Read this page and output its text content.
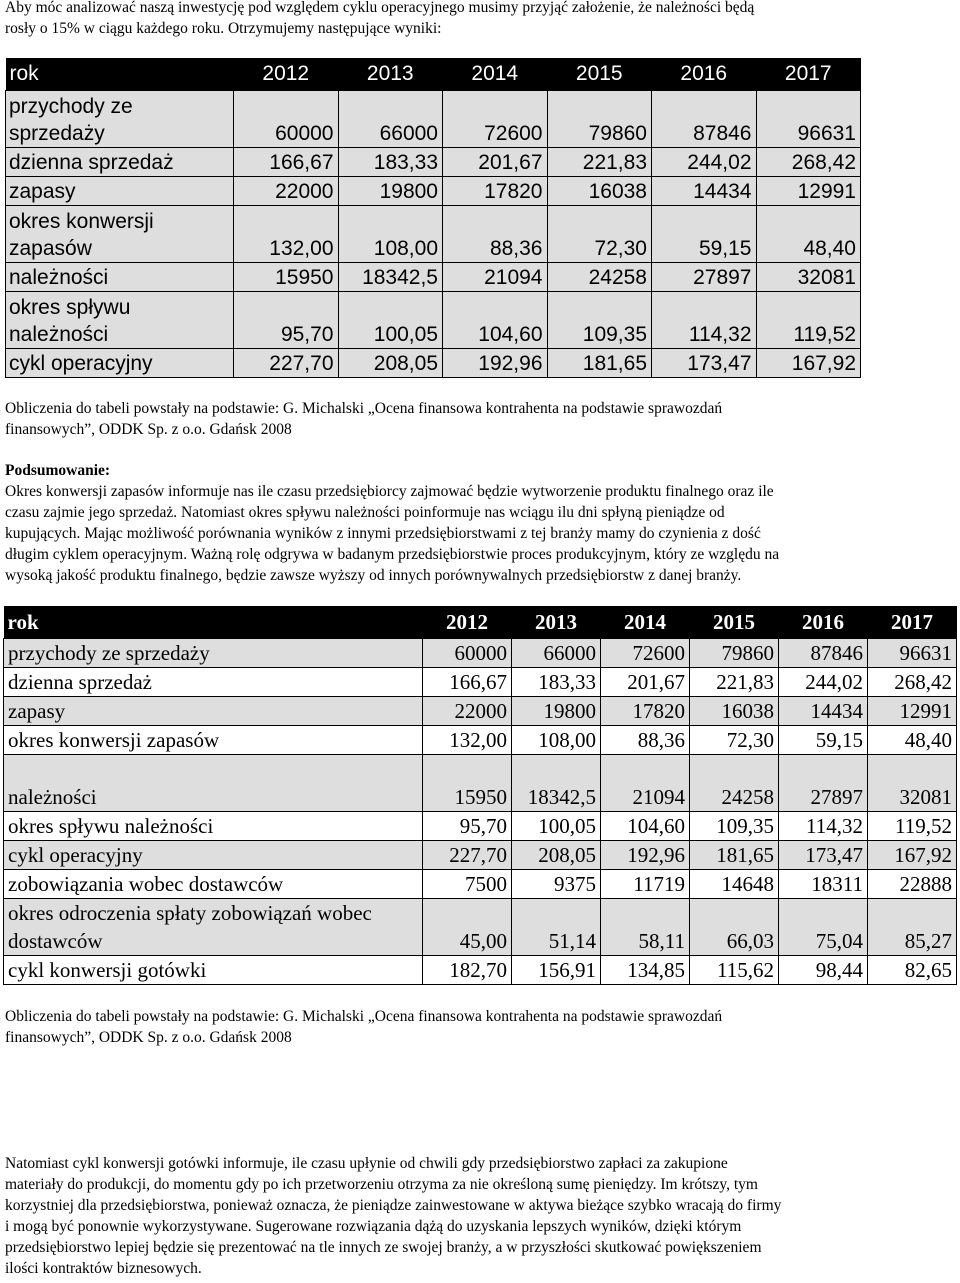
Aby móc analizować naszą inwestycję pod względem cyklu operacyjnego musimy przyjąć założenie, że należności będą
rosły o 15% w ciągu każdego roku. Otrzymujemy następujące wyniki:

rok	2012	2013	2014	2015	2016	2017

przychody ze sprzedaży	60000	66000	72600	79860	87846	96631
dzienna sprzedaż	166,67	183,33	201,67	221,83	244,02	268,42
zapasy	22000	19800	17820	16038	14434	12991

okres konwersji zapasów	132,00	108,00	88,36	72,30	59,15	48,40
należności	15950	18342,5	21094	24258	27897	32081

okres spływu należności	95,70	100,05	104,60	109,35	114,32	119,52
cykl operacyjny	227,70	208,05	192,96	181,65	173,47	167,92

Obliczenia do tabeli powstały na podstawie: G. Michalski „Ocena finansowa kontrahenta na podstawie sprawozdań
finansowych”, ODDK Sp. z o.o. Gdańsk 2008

Podsumowanie:
Okres konwersji zapasów informuje nas ile czasu przedsiębiorcy zajmować będzie wytworzenie produktu finalnego oraz ile
czasu zajmie jego sprzedaż. Natomiast okres spływu należności poinformuje nas wciągu ilu dni spłyną pieniądze od
kupujących. Mając możliwość porównania wyników z innymi przedsiębiorstwami z tej branży mamy do czynienia z dość
długim cyklem operacyjnym. Ważną rolę odgrywa w badanym przedsiębiorstwie proces produkcyjnym, który ze względu na
wysoką jakość produktu finalnego, będzie zawsze wyższy od innych porównywalnych przedsiębiorstw z danej branży.

rok	2012	2013	2014	2015	2016	2017
przychody ze sprzedaży	60000	66000	72600	79860	87846	96631
dzienna sprzedaż	166,67	183,33	201,67	221,83	244,02	268,42
zapasy	22000	19800	17820	16038	14434	12991
okres konwersji zapasów	132,00	108,00	88,36	72,30	59,15	48,40
należności	15950	18342,5	21094	24258	27897	32081
okres spływu należności	95,70	100,05	104,60	109,35	114,32	119,52
cykl operacyjny	227,70	208,05	192,96	181,65	173,47	167,92
zobowiązania wobec dostawców	7500	9375	11719	14648	18311	22888

okres odroczenia spłaty zobowiązań wobec dostawców	45,00	51,14	58,11	66,03	75,04	85,27
cykl konwersji gotówki	182,70	156,91	134,85	115,62	98,44	82,65

Obliczenia do tabeli powstały na podstawie: G. Michalski „Ocena finansowa kontrahenta na podstawie sprawozdań
finansowych”, ODDK Sp. z o.o. Gdańsk 2008

Natomiast cykl konwersji gotówki informuje, ile czasu upłynie od chwili gdy przedsiębiorstwo zapłaci za zakupione
materiały do produkcji, do momentu gdy po ich przetworzeniu otrzyma za nie określoną sumę pieniędzy. Im krótszy, tym
korzystniej dla przedsiębiorstwa, ponieważ oznacza, że pieniądze zainwestowane w aktywa bieżące szybko wracają do firmy
i mogą być ponownie wykorzystywane. Sugerowane rozwiązania dążą do uzyskania lepszych wyników, dzięki którym
przedsiębiorstwo lepiej będzie się prezentować na tle innych ze swojej branży, a w przyszłości skutkować powiększeniem
ilości kontraktów biznesowych.
